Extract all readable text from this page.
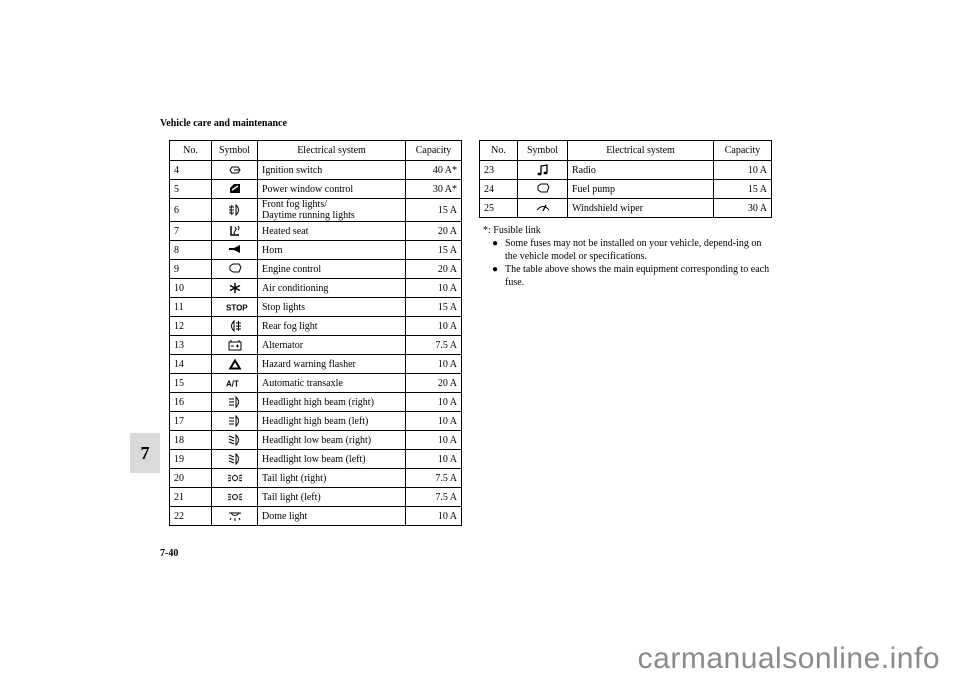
Vehicle care and maintenance
No.	Symbol	Electrical system	Capacity
4		Ignition switch	40 A*
5		Power window control	30 A*
6		Front fog lights/
Daytime running lights	15 A
7		Heated seat	20 A
8		Horn	15 A
9		Engine control	20 A
10		Air conditioning	10 A
11	STOP	Stop lights	15 A
12		Rear fog light	10 A
13		Alternator	7.5 A
14		Hazard warning flasher	10 A
15	A/T	Automatic transaxle	20 A
16		Headlight high beam (right)	10 A
17		Headlight high beam (left)	10 A
18		Headlight low beam (right)	10 A
19		Headlight low beam (left)	10 A
20		Tail light (right)	7.5 A
21		Tail light (left)	7.5 A
22		Dome light	10 A
No.	Symbol	Electrical system	Capacity
23		Radio	10 A
24		Fuel pump	15 A
25		Windshield wiper	30 A
*: Fusible link
● Some fuses may not be installed on your vehicle, depend-ing on the vehicle model or specifications.
● The table above shows the main equipment corresponding to each fuse.
7
7-40
carmanualsonline.info
